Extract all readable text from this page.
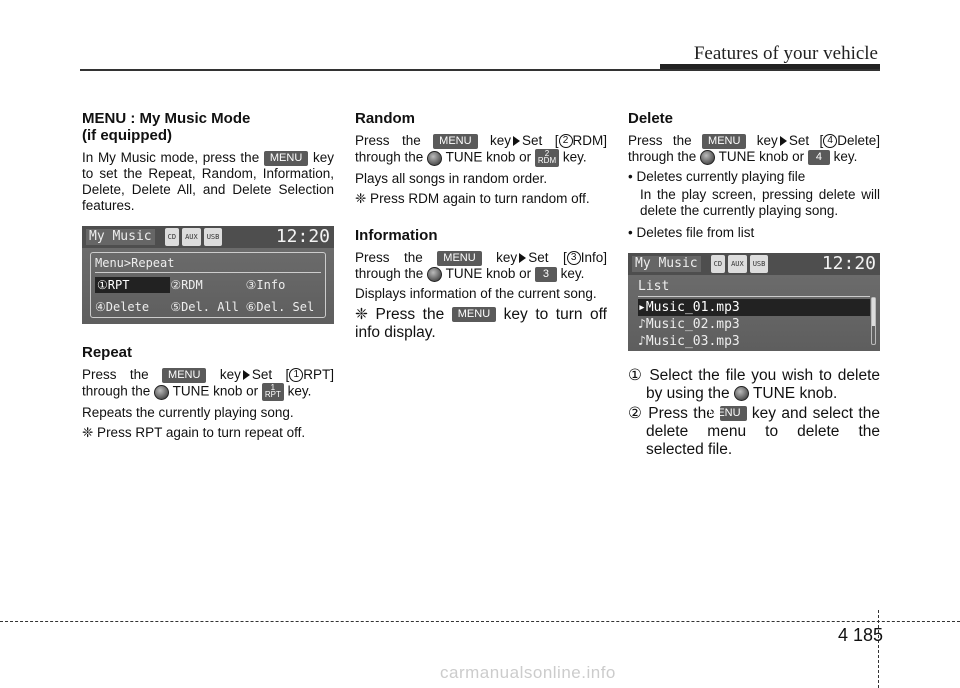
Features of your vehicle
MENU : My Music Mode
(if equipped)

In My Music mode, press the MENU key to set the Repeat, Random, Information, Delete, Delete All, and Delete Selection features.

My Music	CD	AUX	USB	12:20
Menu>Repeat
①RPT	②RDM	③Info
④Delete	⑤Del. All ⑥Del. Sel
Repeat

Press the MENU key Set [ 1 RPT] through the TUNE knob or 1
RPT key.

Repeats the currently playing song.

❈ Press RPT again to turn repeat off.

Random

Press the MENU key Set [ 2 RDM] through the TUNE knob or 2
RDM key.

Plays all songs in random order.

❈ Press RDM again to turn random off.

Information

Press the MENU key Set [ 3 Info] through the TUNE knob or 3 key.

Displays information of the current song.

❈ Press the MENU key to turn off info display.

Delete

Press the MENU key Set [ 4 Delete] through the TUNE knob or 4 key.

• Deletes currently playing file

In the play screen, pressing delete will delete the currently playing song.

• Deletes file from list

My Music	CD	AUX	USB	12:20
List
▸Music_01.mp3
♪Music_02.mp3
♪Music_03.mp3

① Select the file you wish to delete by using the TUNE knob.

② Press the MENU key and select the delete menu to delete the selected file.

4 185
carmanualsonline.info
